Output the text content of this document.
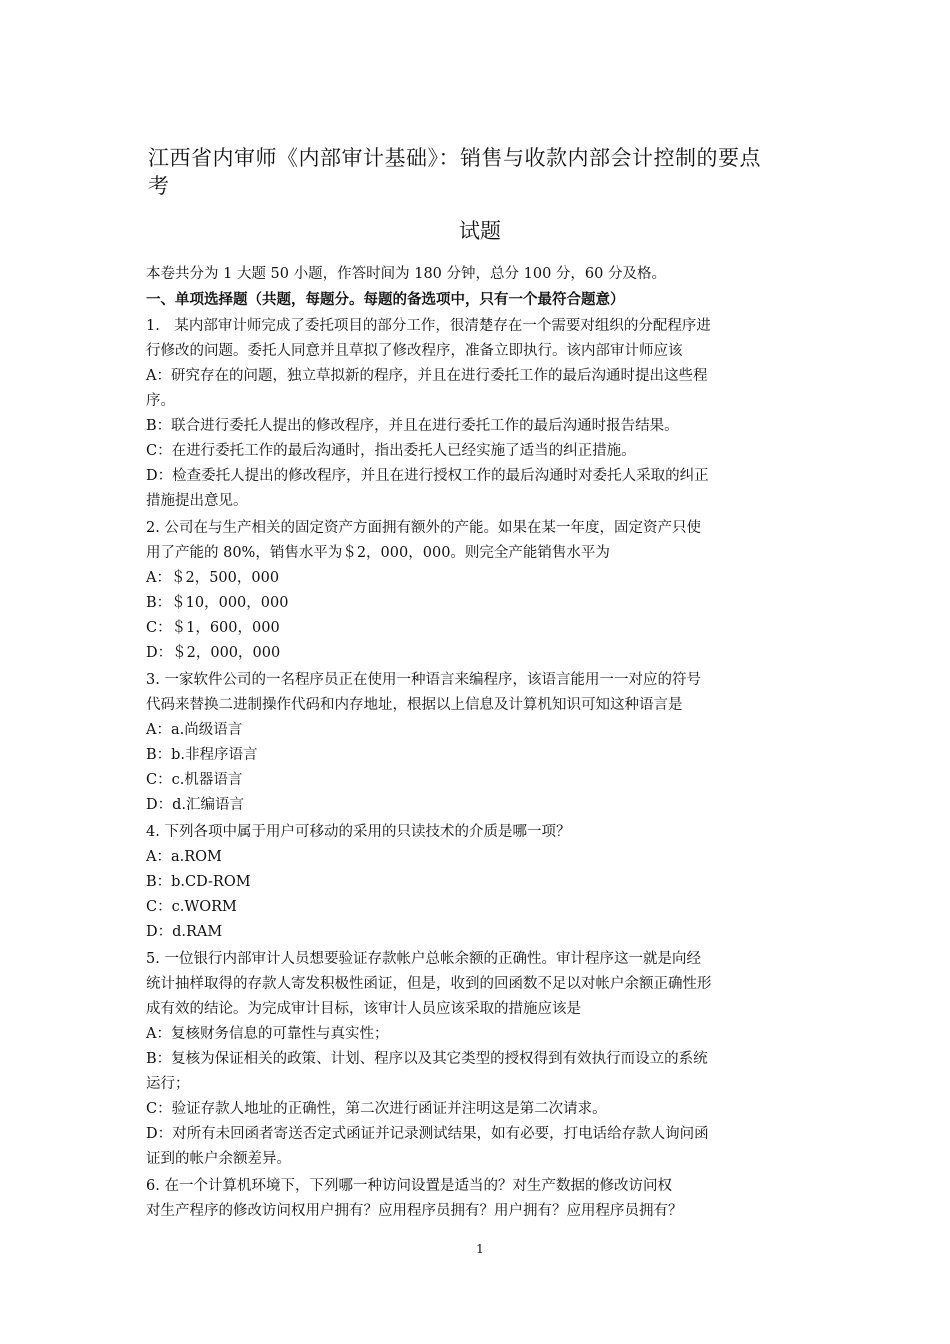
江西省内审师《内部审计基础》：销售与收款内部会计控制的要点
考
试题
本卷共分为 1 大题 50 小题，作答时间为 180 分钟，总分 100 分，60 分及格。
一、单项选择题（共题，每题分。每题的备选项中，只有一个最符合题意）
1.　某内部审计师完成了委托项目的部分工作，很清楚存在一个需要对组织的分配程序进
行修改的问题。委托人同意并且草拟了修改程序，准备立即执行。该内部审计师应该
A：研究存在的问题，独立草拟新的程序，并且在进行委托工作的最后沟通时提出这些程
序。
B：联合进行委托人提出的修改程序，并且在进行委托工作的最后沟通时报告结果。
C：在进行委托工作的最后沟通时，指出委托人已经实施了适当的纠正措施。
D：检查委托人提出的修改程序，并且在进行授权工作的最后沟通时对委托人采取的纠正
措施提出意见。
2. 公司在与生产相关的固定资产方面拥有额外的产能。如果在某一年度，固定资产只使
用了产能的 80%，销售水平为＄2，000，000。则完全产能销售水平为
A：＄2，500，000
B：＄10，000，000
C：＄1，600，000
D：＄2，000，000
3. 一家软件公司的一名程序员正在使用一种语言来编程序，该语言能用一一对应的符号
代码来替换二进制操作代码和内存地址，根据以上信息及计算机知识可知这种语言是
A：a.尚级语言
B：b.非程序语言
C：c.机器语言
D：d.汇编语言
4. 下列各项中属于用户可移动的采用的只读技术的介质是哪一项？
A：a.ROM
B：b.CD-ROM
C：c.WORM
D：d.RAM
5. 一位银行内部审计人员想要验证存款帐户总帐余额的正确性。审计程序这一就是向经
统计抽样取得的存款人寄发积极性函证，但是，收到的回函数不足以对帐户余额正确性形
成有效的结论。为完成审计目标，该审计人员应该采取的措施应该是
A：复核财务信息的可靠性与真实性；
B：复核为保证相关的政策、计划、程序以及其它类型的授权得到有效执行而设立的系统
运行；
C：验证存款人地址的正确性，第二次进行函证并注明这是第二次请求。
D：对所有未回函者寄送否定式函证并记录测试结果，如有必要，打电话给存款人询问函
证到的帐户余额差异。
6. 在一个计算机环境下，下列哪一种访问设置是适当的？对生产数据的修改访问权
对生产程序的修改访问权用户拥有？应用程序员拥有？用户拥有？应用程序员拥有？
1
